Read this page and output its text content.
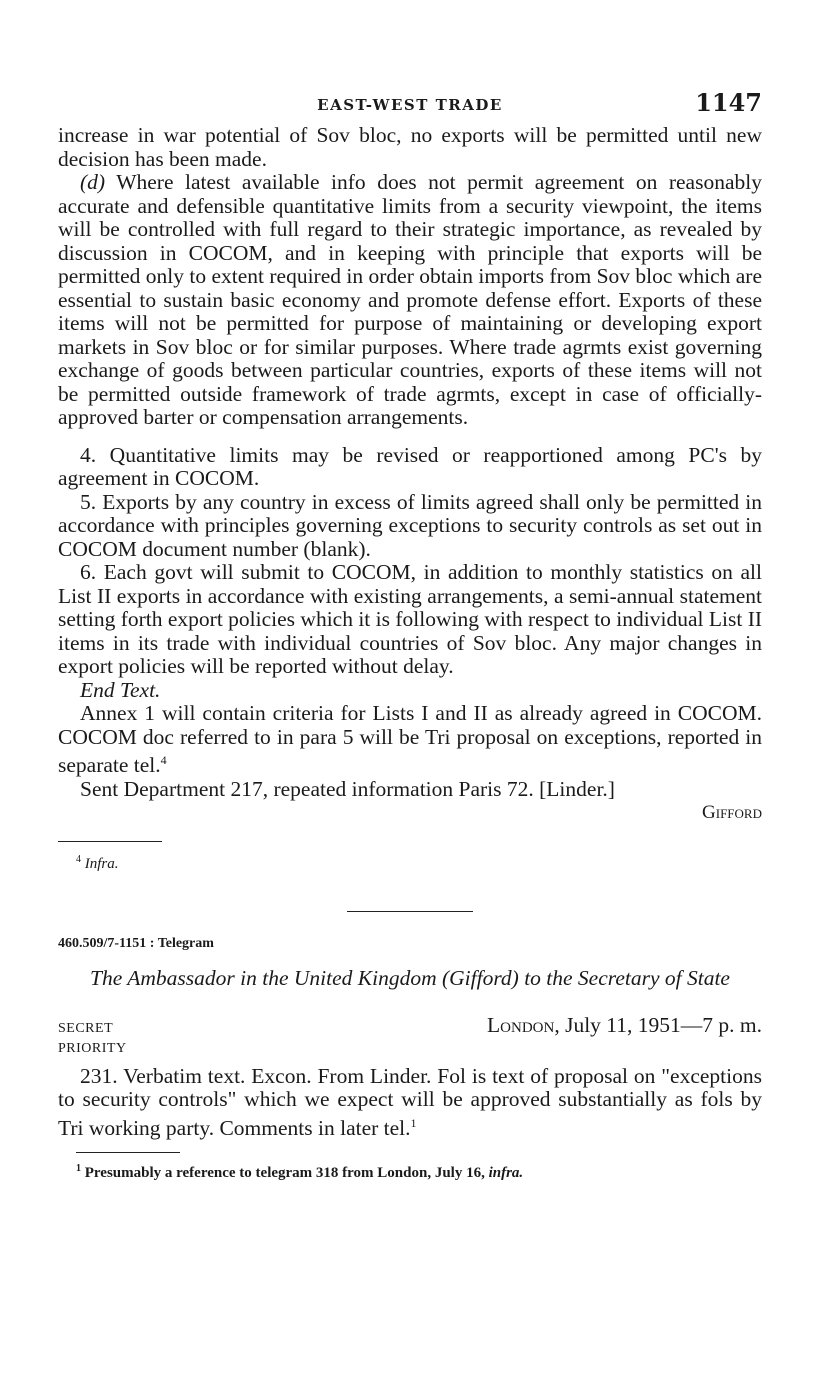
EAST-WEST TRADE	1147

increase in war potential of Sov bloc, no exports will be permitted until new decision has been made.

(d) Where latest available info does not permit agreement on reasonably accurate and defensible quantitative limits from a security viewpoint, the items will be controlled with full regard to their strategic importance, as revealed by discussion in COCOM, and in keeping with principle that exports will be permitted only to extent required in order obtain imports from Sov bloc which are essential to sustain basic economy and promote defense effort. Exports of these items will not be permitted for purpose of maintaining or developing export markets in Sov bloc or for similar purposes. Where trade agrmts exist governing exchange of goods between particular countries, exports of these items will not be permitted outside framework of trade agrmts, except in case of officially-approved barter or compensation arrangements.

4. Quantitative limits may be revised or reapportioned among PC's by agreement in COCOM.

5. Exports by any country in excess of limits agreed shall only be permitted in accordance with principles governing exceptions to security controls as set out in COCOM document number (blank).

6. Each govt will submit to COCOM, in addition to monthly statistics on all List II exports in accordance with existing arrangements, a semi-annual statement setting forth export policies which it is following with respect to individual List II items in its trade with individual countries of Sov bloc. Any major changes in export policies will be reported without delay.

End Text.

Annex 1 will contain criteria for Lists I and II as already agreed in COCOM. COCOM doc referred to in para 5 will be Tri proposal on exceptions, reported in separate tel.$^4$

Sent Department 217, repeated information Paris 72. [Linder.]

Gifford

$^4$ Infra.
460.509/7-1151 : Telegram
The Ambassador in the United Kingdom (Gifford) to the Secretary of State
SECRET	London, July 11, 1951—7 p. m.
PRIORITY

231. Verbatim text. Excon. From Linder. Fol is text of proposal on "exceptions to security controls" which we expect will be approved substantially as fols by Tri working party. Comments in later tel.$^1$

$^1$ Presumably a reference to telegram 318 from London, July 16, infra.
